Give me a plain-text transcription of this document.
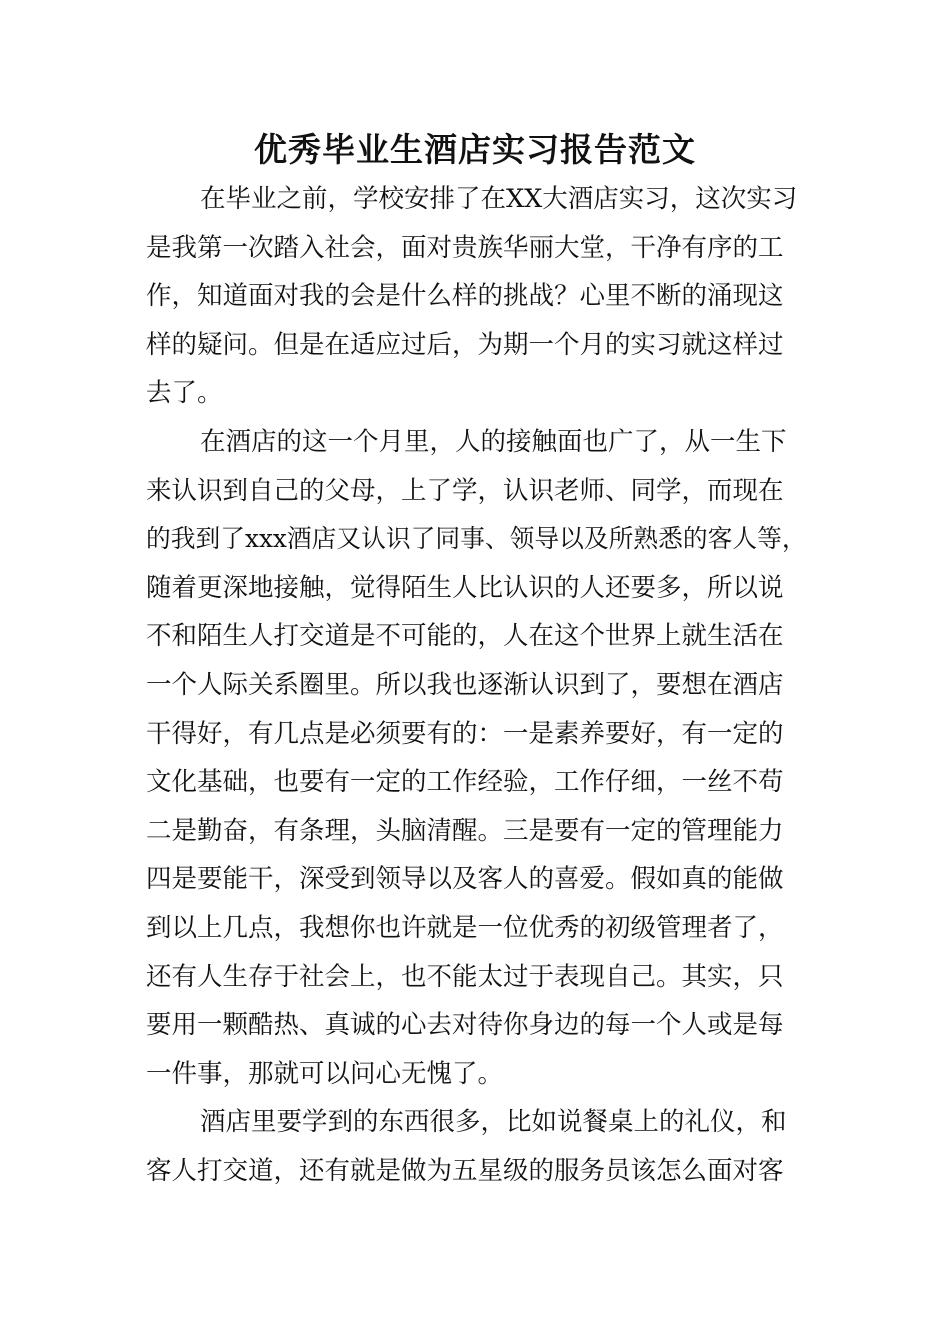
优秀毕业生酒店实习报告范文

在毕业之前，学校安排了在XX大酒店实习，这次实习
是我第一次踏入社会，面对贵族华丽大堂，干净有序的工
作，知道面对我的会是什么样的挑战？心里不断的涌现这
样的疑问。但是在适应过后，为期一个月的实习就这样过
去了。

在酒店的这一个月里，人的接触面也广了，从一生下
来认识到自己的父母，上了学，认识老师、同学，而现在
的我到了xxx酒店又认识了同事、领导以及所熟悉的客人等，
随着更深地接触，觉得陌生人比认识的人还要多，所以说
不和陌生人打交道是不可能的，人在这个世界上就生活在
一个人际关系圈里。所以我也逐渐认识到了，要想在酒店
干得好，有几点是必须要有的：一是素养要好，有一定的
文化基础，也要有一定的工作经验，工作仔细，一丝不苟
二是勤奋，有条理，头脑清醒。三是要有一定的管理能力
四是要能干，深受到领导以及客人的喜爱。假如真的能做
到以上几点，我想你也许就是一位优秀的初级管理者了，
还有人生存于社会上，也不能太过于表现自己。其实，只
要用一颗酷热、真诚的心去对待你身边的每一个人或是每
一件事，那就可以问心无愧了。

酒店里要学到的东西很多，比如说餐桌上的礼仪，和
客人打交道，还有就是做为五星级的服务员该怎么面对客
